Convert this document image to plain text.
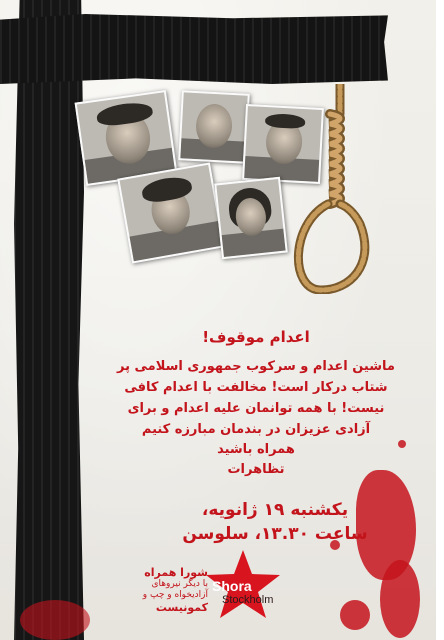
اعدام موقوف!

ماشین اعدام و سرکوب جمهوری اسلامی پر

شتاب درکار است! مخالفت با اعدام کافی

نیست! با همه توانمان علیه اعدام و برای

آزادی عزیزان در بندمان مبارزه کنیم

همراه باشید

تظاهرات

یکشنبه ۱۹ ژانویه،
ساعت ۱۳.۳۰، سلوسن
شورا همراه
با دیگر نیروهای آزادیخواه و چپ و
کمونیست
Shora
Stockholm
